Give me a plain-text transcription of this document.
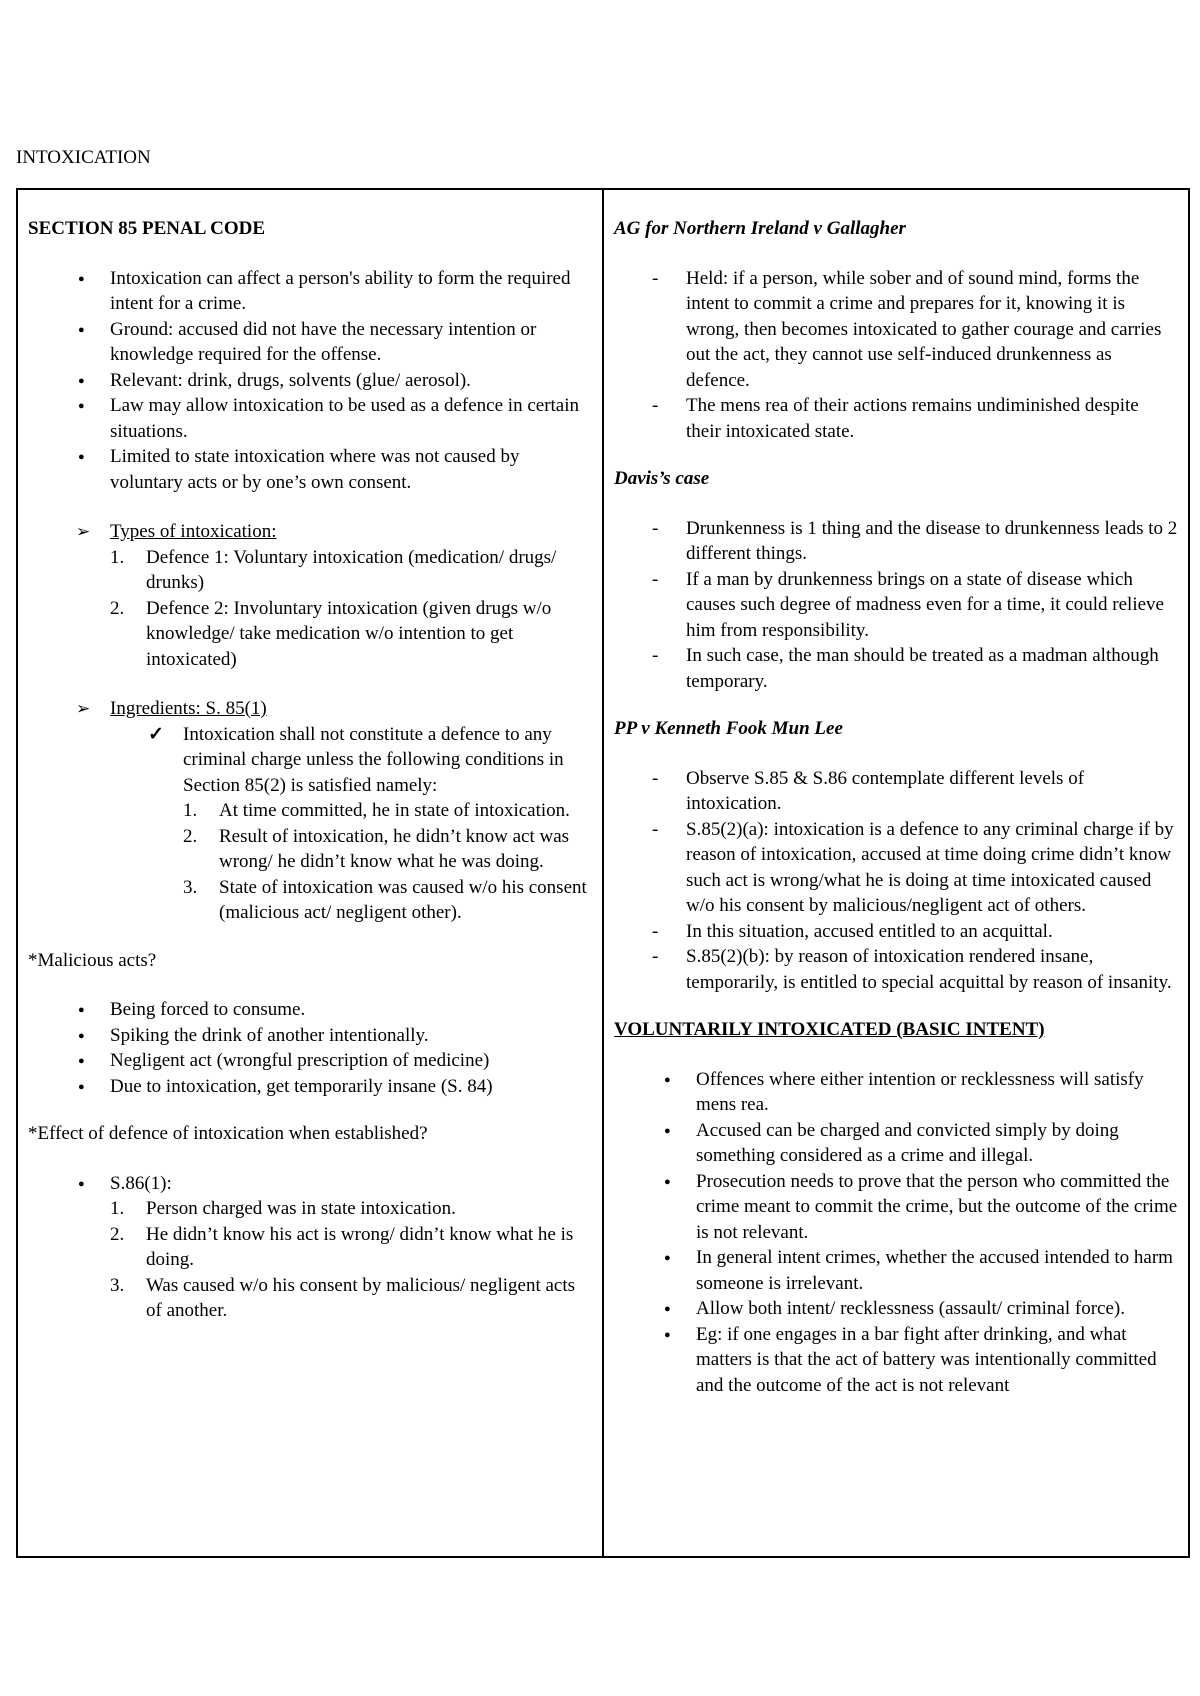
INTOXICATION

SECTION 85 PENAL CODE

● Intoxication can affect a person's ability to form the required intent for a crime.
● Ground: accused did not have the necessary intention or knowledge required for the offense.
● Relevant: drink, drugs, solvents (glue/ aerosol).
● Law may allow intoxication to be used as a defence in certain situations.
● Limited to state intoxication where was not caused by voluntary acts or by one’s own consent.
➢ Types of intoxication:
1. Defence 1: Voluntary intoxication (medication/ drugs/ drunks)
2. Defence 2: Involuntary intoxication (given drugs w/o knowledge/ take medication w/o intention to get intoxicated)
➢ Ingredients: S. 85(1)
✓ Intoxication shall not constitute a defence to any criminal charge unless the following conditions in Section 85(2) is satisfied namely:
1. At time committed, he in state of intoxication.
2. Result of intoxication, he didn’t know act was wrong/ he didn’t know what he was doing.
3. State of intoxication was caused w/o his consent (malicious act/ negligent other).

*Malicious acts?

● Being forced to consume.
● Spiking the drink of another intentionally.
● Negligent act (wrongful prescription of medicine)
● Due to intoxication, get temporarily insane (S. 84)

*Effect of defence of intoxication when established?

● S.86(1):
1. Person charged was in state intoxication.
2. He didn’t know his act is wrong/ didn’t know what he is doing.
3. Was caused w/o his consent by malicious/ negligent acts of another.

AG for Northern Ireland v Gallagher

- Held: if a person, while sober and of sound mind, forms the intent to commit a crime and prepares for it, knowing it is wrong, then becomes intoxicated to gather courage and carries out the act, they cannot use self-induced drunkenness as defence.
- The mens rea of their actions remains undiminished despite their intoxicated state.

Davis’s case

- Drunkenness is 1 thing and the disease to drunkenness leads to 2 different things.
- If a man by drunkenness brings on a state of disease which causes such degree of madness even for a time, it could relieve him from responsibility.
- In such case, the man should be treated as a madman although temporary.

PP v Kenneth Fook Mun Lee

- Observe S.85 & S.86 contemplate different levels of intoxication.
- S.85(2)(a): intoxication is a defence to any criminal charge if by reason of intoxication, accused at time doing crime didn’t know such act is wrong/what he is doing at time intoxicated caused w/o his consent by malicious/negligent act of others.
- In this situation, accused entitled to an acquittal.
- S.85(2)(b): by reason of intoxication rendered insane, temporarily, is entitled to special acquittal by reason of insanity.

VOLUNTARILY INTOXICATED (BASIC INTENT)

● Offences where either intention or recklessness will satisfy mens rea.
● Accused can be charged and convicted simply by doing something considered as a crime and illegal.
● Prosecution needs to prove that the person who committed the crime meant to commit the crime, but the outcome of the crime is not relevant.
● In general intent crimes, whether the accused intended to harm someone is irrelevant.
● Allow both intent/ recklessness (assault/ criminal force).
● Eg: if one engages in a bar fight after drinking, and what matters is that the act of battery was intentionally committed and the outcome of the act is not relevant
